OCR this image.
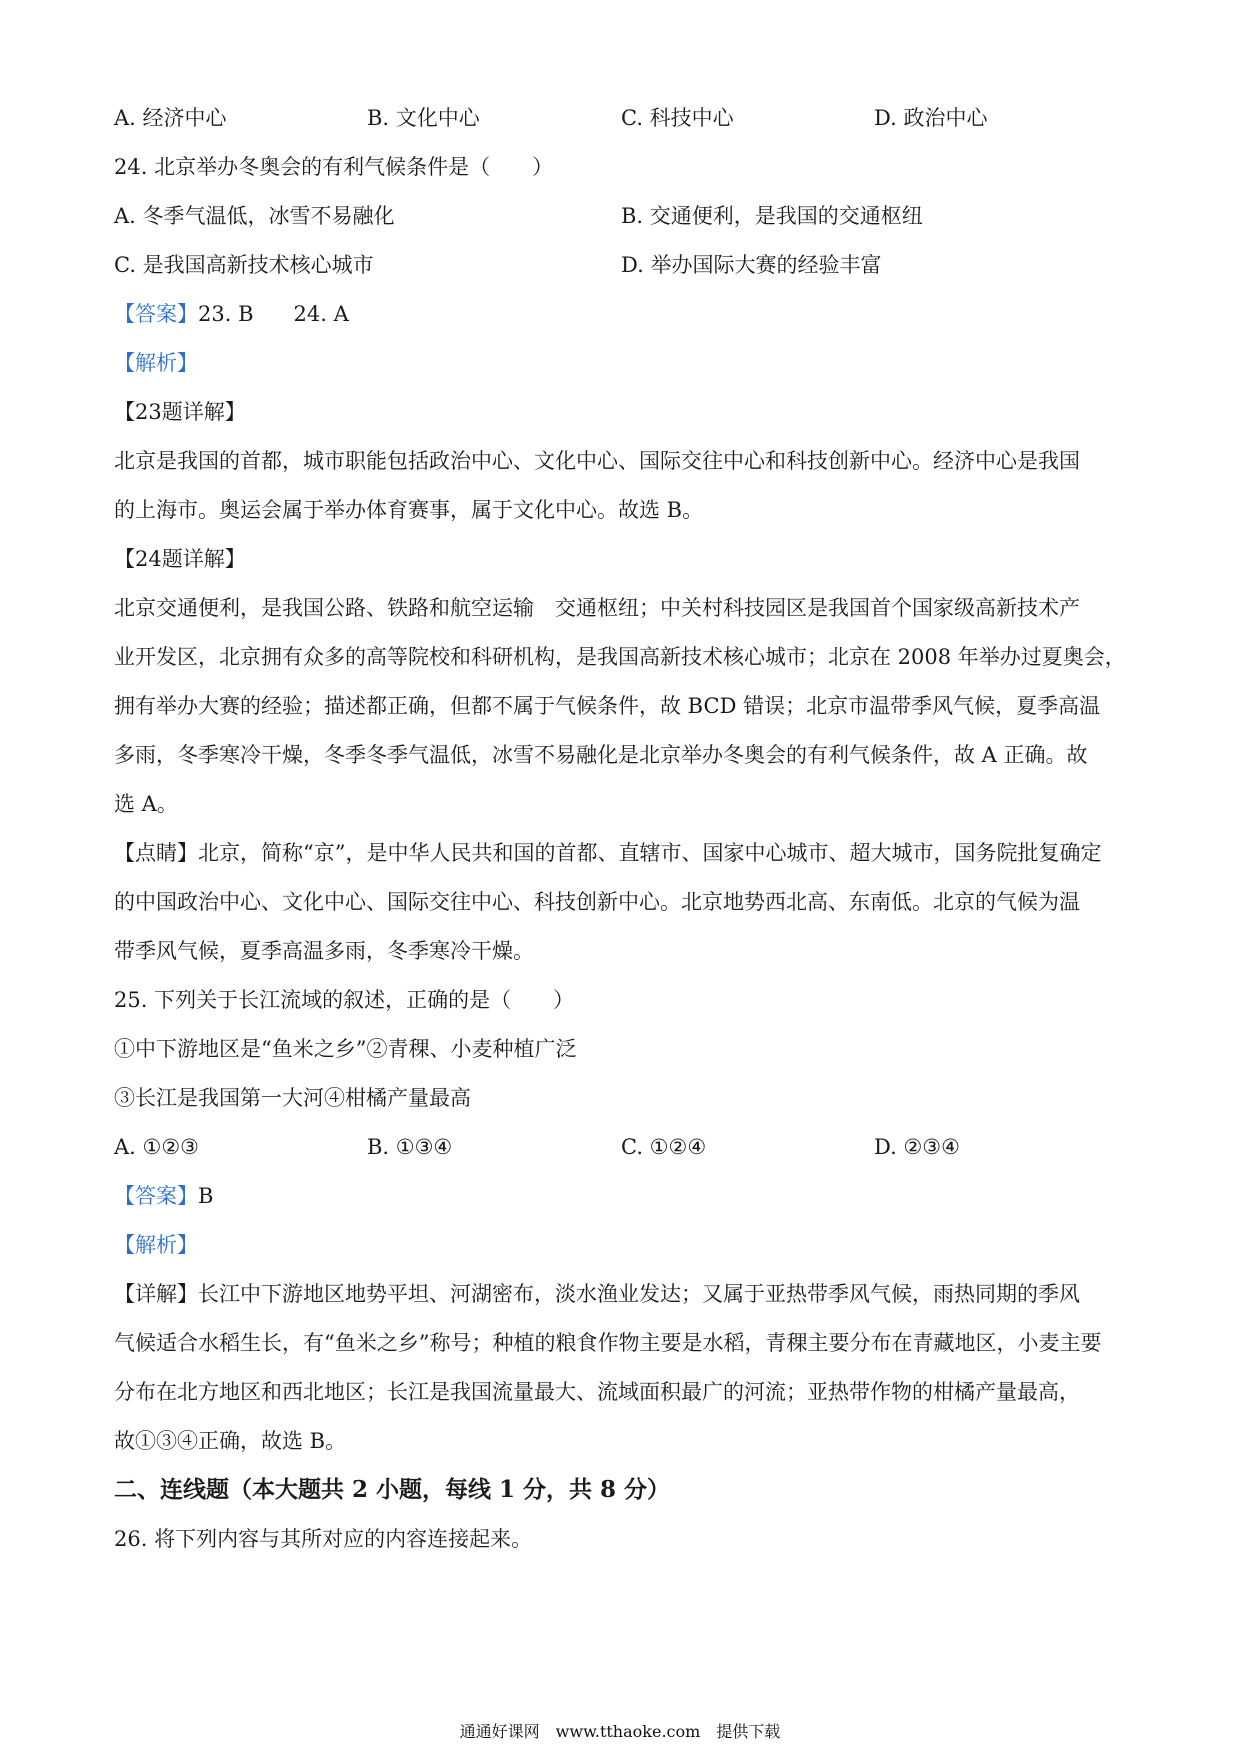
A. 经济中心	B. 文化中心	C. 科技中心	D. 政治中心
24. 北京举办冬奥会的有利气候条件是（　　）
A. 冬季气温低，冰雪不易融化	B. 交通便利，是我国的交通枢纽
C. 是我国高新技术核心城市	D. 举办国际大赛的经验丰富
【答案】23. B 24. A
【解析】
【23题详解】
北京是我国的首都，城市职能包括政治中心、文化中心、国际交往中心和科技创新中心。经济中心是我国
的上海市。奥运会属于举办体育赛事，属于文化中心。故选 B。
【24题详解】
北京交通便利，是我国公路、铁路和航空运输　交通枢纽；中关村科技园区是我国首个国家级高新技术产
业开发区，北京拥有众多的高等院校和科研机构，是我国高新技术核心城市；北京在 2008 年举办过夏奥会，
拥有举办大赛的经验；描述都正确，但都不属于气候条件，故 BCD 错误；北京市温带季风气候，夏季高温
多雨，冬季寒冷干燥，冬季冬季气温低，冰雪不易融化是北京举办冬奥会的有利气候条件，故 A 正确。故
选 A。
【点睛】北京，简称“京”，是中华人民共和国的首都、直辖市、国家中心城市、超大城市，国务院批复确定
的中国政治中心、文化中心、国际交往中心、科技创新中心。北京地势西北高、东南低。北京的气候为温
带季风气候，夏季高温多雨，冬季寒冷干燥。
25. 下列关于长江流域的叙述，正确的是（　　）
①中下游地区是“鱼米之乡”②青稞、小麦种植广泛
③长江是我国第一大河④柑橘产量最高
A. ①②③	B. ①③④	C. ①②④	D. ②③④
【答案】B
【解析】
【详解】长江中下游地区地势平坦、河湖密布，淡水渔业发达；又属于亚热带季风气候，雨热同期的季风
气候适合水稻生长，有“鱼米之乡”称号；种植的粮食作物主要是水稻，青稞主要分布在青藏地区，小麦主要
分布在北方地区和西北地区；长江是我国流量最大、流域面积最广的河流；亚热带作物的柑橘产量最高，
故①③④正确，故选 B。
二、连线题（本大题共 2 小题，每线 1 分，共 8 分）
26. 将下列内容与其所对应的内容连接起来。
通通好课网　www.tthaoke.com　提供下载
